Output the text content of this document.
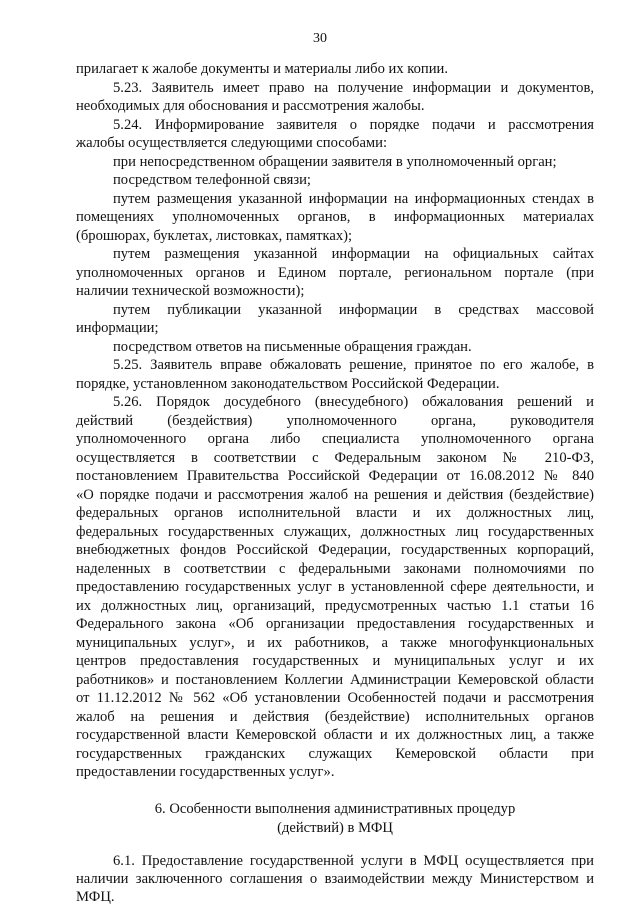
30
прилагает к жалобе документы и материалы либо их копии.
5.23. Заявитель имеет право на получение информации и документов,
необходимых для обоснования и рассмотрения жалобы.
5.24. Информирование заявителя о порядке подачи и рассмотрения
жалобы осуществляется следующими способами:
при непосредственном обращении заявителя в уполномоченный орган;
посредством телефонной связи;
путем размещения указанной информации на информационных стендах в
помещениях уполномоченных органов, в информационных материалах
(брошюрах, буклетах, листовках, памятках);
путем размещения указанной информации на официальных сайтах
уполномоченных органов и Едином портале, региональном портале (при
наличии технической возможности);
путем публикации указанной информации в средствах массовой
информации;
посредством ответов на письменные обращения граждан.
5.25. Заявитель вправе обжаловать решение, принятое по его жалобе, в
порядке, установленном законодательством Российской Федерации.
5.26. Порядок досудебного (внесудебного) обжалования решений и
действий (бездействия) уполномоченного органа, руководителя
уполномоченного органа либо специалиста уполномоченного органа
осуществляется в соответствии с Федеральным законом № 210-ФЗ,
постановлением Правительства Российской Федерации от 16.08.2012 № 840
«О порядке подачи и рассмотрения жалоб на решения и действия (бездействие)
федеральных органов исполнительной власти и их должностных лиц,
федеральных государственных служащих, должностных лиц государственных
внебюджетных фондов Российской Федерации, государственных корпораций,
наделенных в соответствии с федеральными законами полномочиями по
предоставлению государственных услуг в установленной сфере деятельности, и
их должностных лиц, организаций, предусмотренных частью 1.1 статьи 16
Федерального закона «Об организации предоставления государственных и
муниципальных услуг», и их работников, а также многофункциональных
центров предоставления государственных и муниципальных услуг и их
работников» и постановлением Коллегии Администрации Кемеровской области
от 11.12.2012 № 562 «Об установлении Особенностей подачи и рассмотрения
жалоб на решения и действия (бездействие) исполнительных органов
государственной власти Кемеровской области и их должностных лиц, а также
государственных гражданских служащих Кемеровской области при
предоставлении государственных услуг».
6. Особенности выполнения административных процедур
(действий) в МФЦ
6.1. Предоставление государственной услуги в МФЦ осуществляется при
наличии заключенного соглашения о взаимодействии между Министерством и
МФЦ.
